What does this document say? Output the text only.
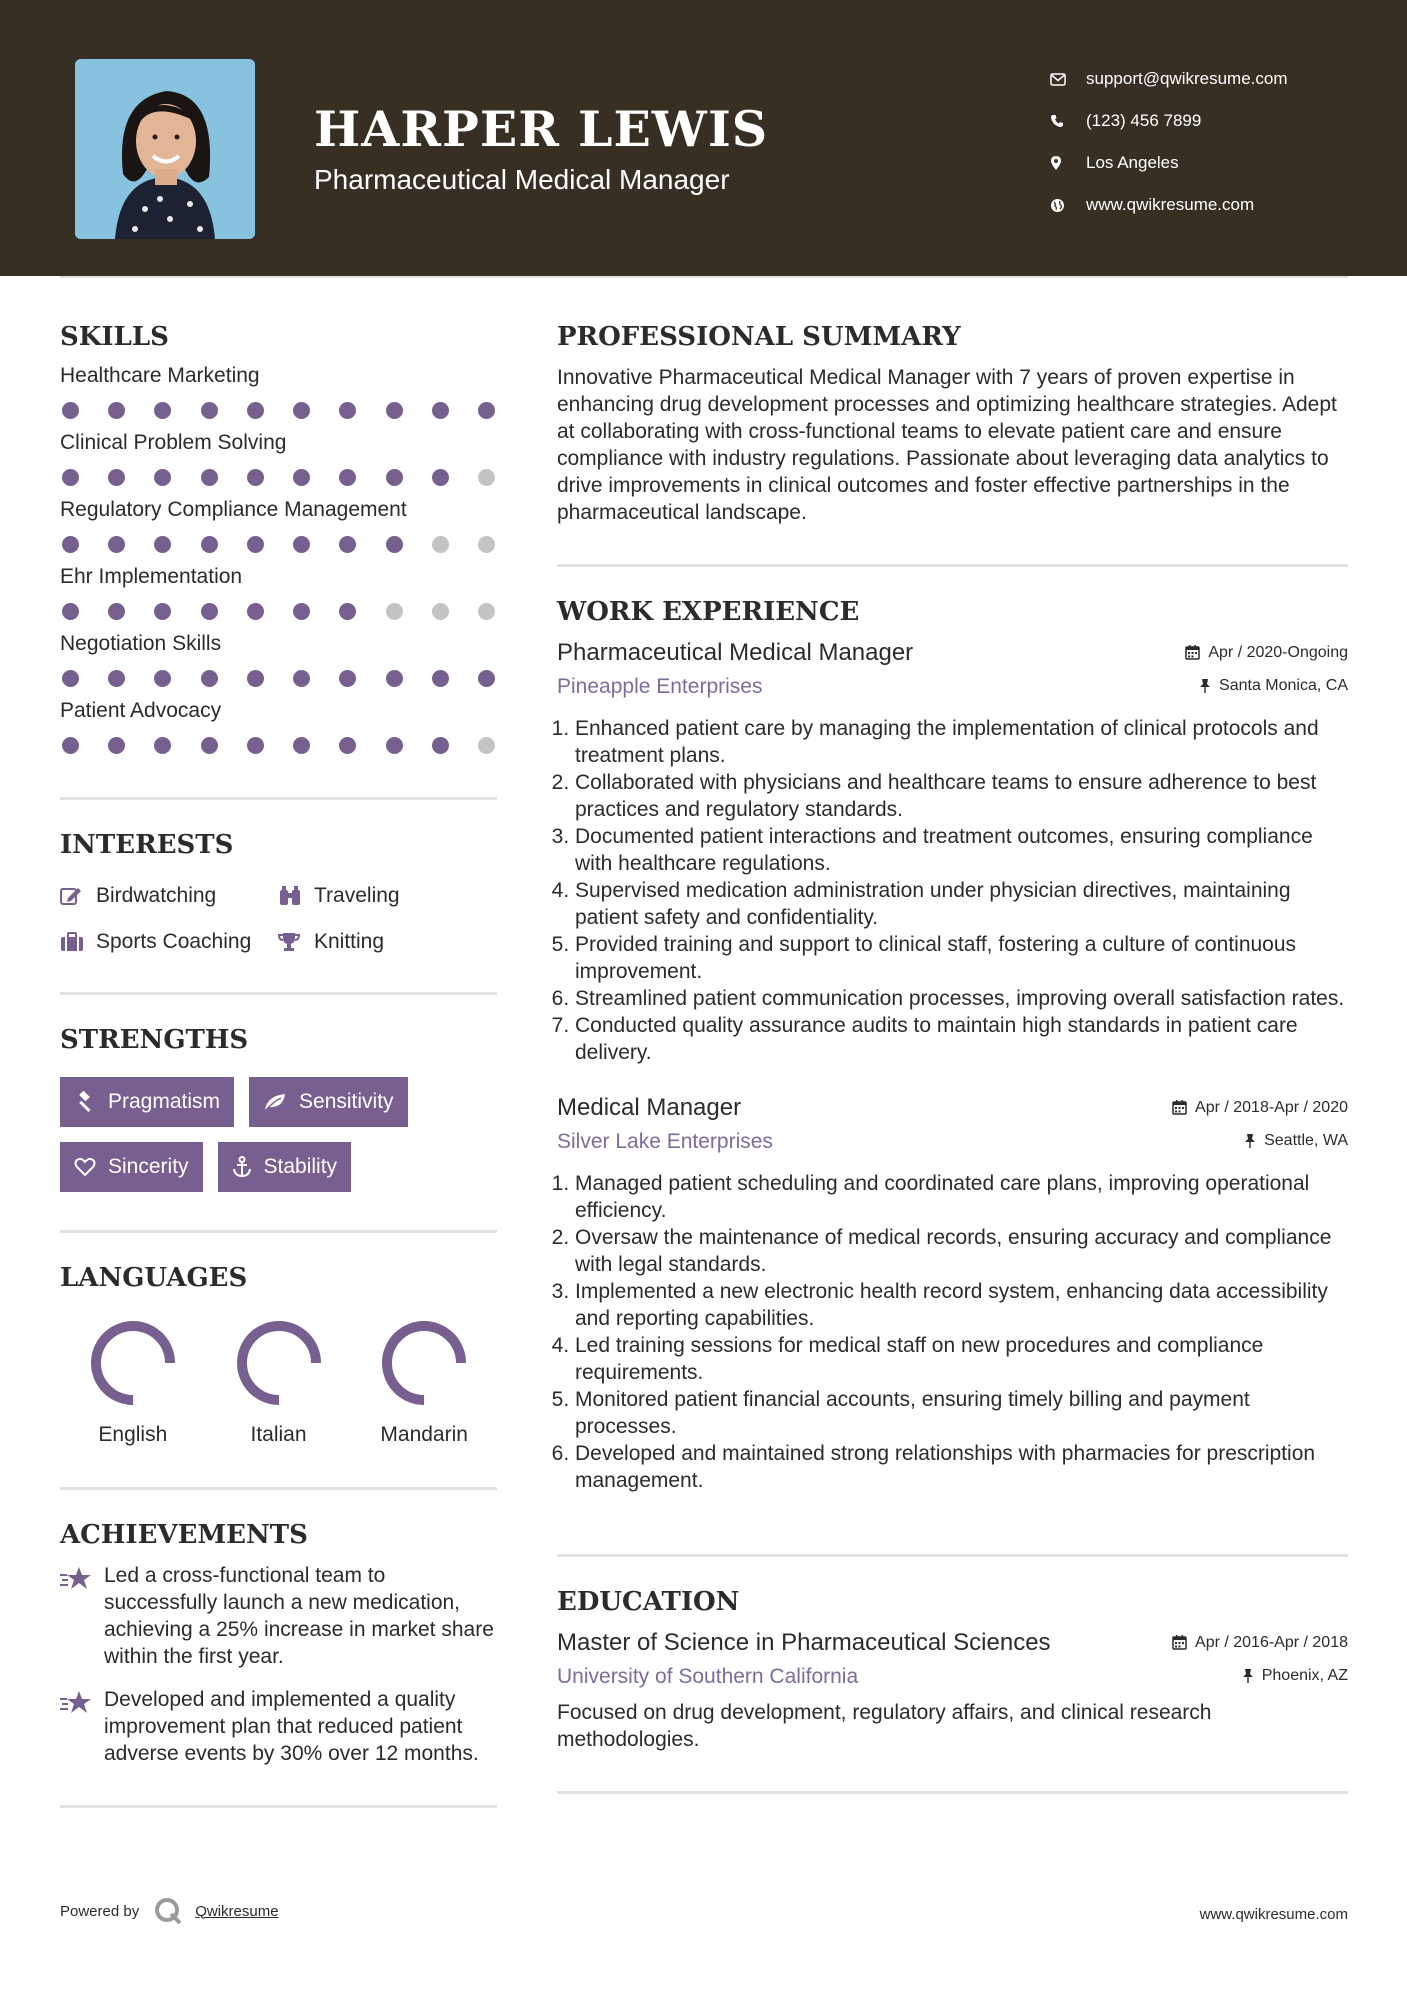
HARPER LEWIS
Pharmaceutical Medical Manager
support@qwikresume.com
(123) 456 7899
Los Angeles
www.qwikresume.com
SKILLS
Healthcare Marketing
Clinical Problem Solving
Regulatory Compliance Management
Ehr Implementation
Negotiation Skills
Patient Advocacy
INTERESTS
Birdwatching	Traveling
Sports Coaching	Knitting
STRENGTHS
Pragmatism	Sensitivity
Sincerity	Stability
LANGUAGES
English	Italian	Mandarin
ACHIEVEMENTS
Led a cross-functional team to successfully launch a new medication, achieving a 25% increase in market share within the first year.
Developed and implemented a quality improvement plan that reduced patient adverse events by 30% over 12 months.
PROFESSIONAL SUMMARY
Innovative Pharmaceutical Medical Manager with 7 years of proven expertise in enhancing drug development processes and optimizing healthcare strategies. Adept at collaborating with cross-functional teams to elevate patient care and ensure compliance with industry regulations. Passionate about leveraging data analytics to drive improvements in clinical outcomes and foster effective partnerships in the pharmaceutical landscape.
WORK EXPERIENCE
Pharmaceutical Medical Manager	Apr / 2020-Ongoing
Pineapple Enterprises	Santa Monica, CA
1. Enhanced patient care by managing the implementation of clinical protocols and treatment plans.
2. Collaborated with physicians and healthcare teams to ensure adherence to best practices and regulatory standards.
3. Documented patient interactions and treatment outcomes, ensuring compliance with healthcare regulations.
4. Supervised medication administration under physician directives, maintaining patient safety and confidentiality.
5. Provided training and support to clinical staff, fostering a culture of continuous improvement.
6. Streamlined patient communication processes, improving overall satisfaction rates.
7. Conducted quality assurance audits to maintain high standards in patient care delivery.
Medical Manager	Apr / 2018-Apr / 2020
Silver Lake Enterprises	Seattle, WA
1. Managed patient scheduling and coordinated care plans, improving operational efficiency.
2. Oversaw the maintenance of medical records, ensuring accuracy and compliance with legal standards.
3. Implemented a new electronic health record system, enhancing data accessibility and reporting capabilities.
4. Led training sessions for medical staff on new procedures and compliance requirements.
5. Monitored patient financial accounts, ensuring timely billing and payment processes.
6. Developed and maintained strong relationships with pharmacies for prescription management.
EDUCATION
Master of Science in Pharmaceutical Sciences	Apr / 2016-Apr / 2018
University of Southern California	Phoenix, AZ
Focused on drug development, regulatory affairs, and clinical research methodologies.
Powered by	Qwikresume	www.qwikresume.com
